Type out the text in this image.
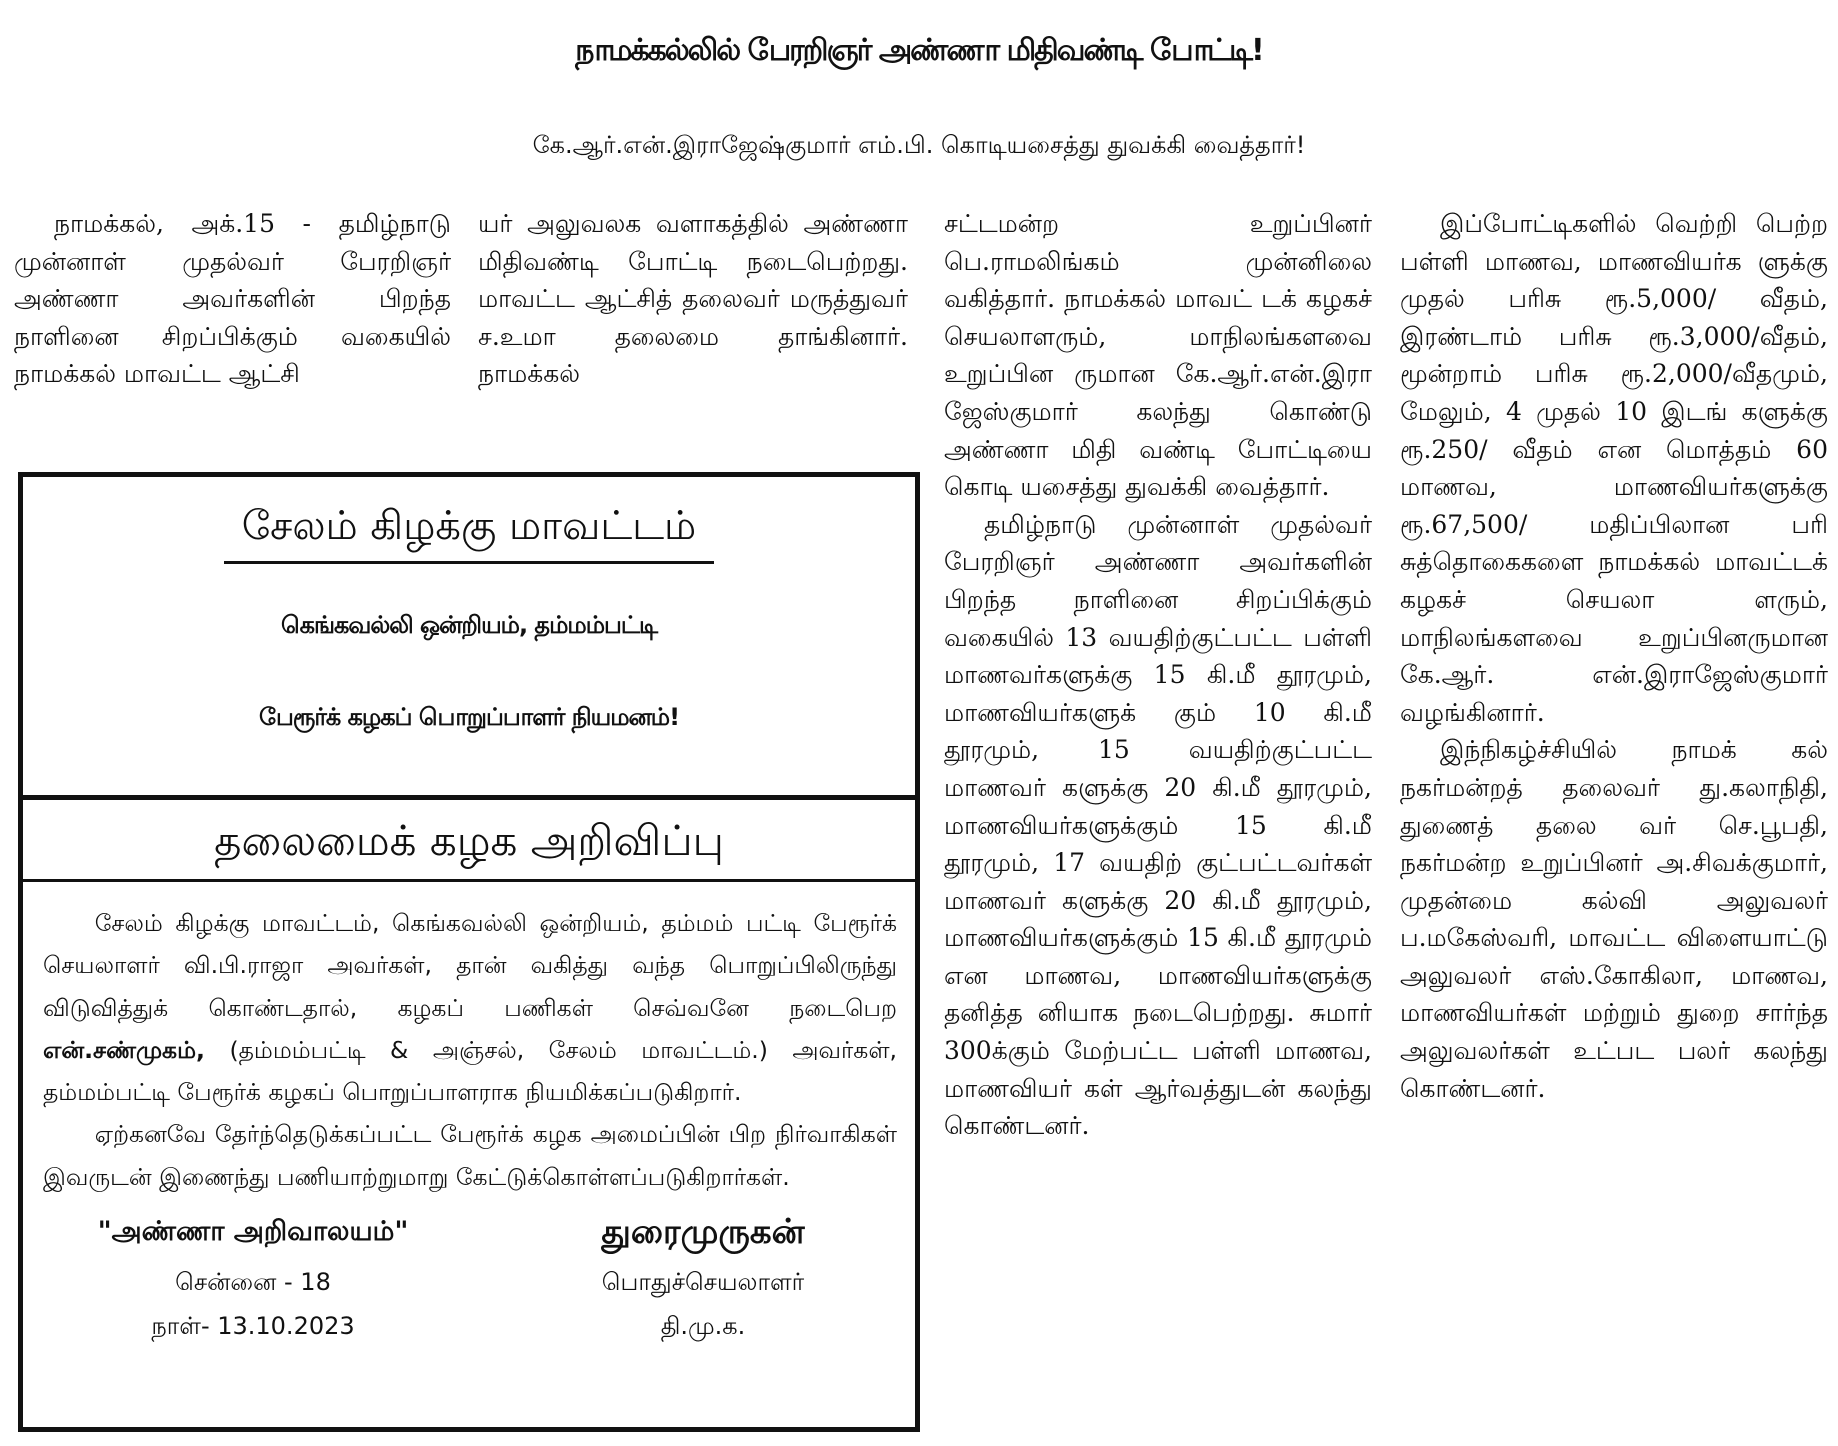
நாமக்கல்லில் பேரறிஞர் அண்ணா மிதிவண்டி போட்டி!
கே.ஆர்.என்.இராஜேஷ்குமார் எம்.பி. கொடியசைத்து துவக்கி வைத்தார்!

நாமக்கல், அக்.15 - தமிழ்நாடு முன்னாள் முதல்வர் பேரறிஞர் அண்ணா அவர்களின் பிறந்த நாளினை சிறப்பிக்கும் வகையில் நாமக்கல் மாவட்ட ஆட்சி

யர் அலுவலக வளாகத்தில் அண்ணா மிதிவண்டி போட்டி நடைபெற்றது. மாவட்ட ஆட்சித் தலைவர் மருத்துவர் ச.உமா தலைமை தாங்கினார். நாமக்கல்

சட்டமன்ற உறுப்பினர் பெ.ராமலிங்கம் முன்னிலை வகித்தார். நாமக்கல் மாவட் டக் கழகச் செயலாளரும், மாநிலங்களவை உறுப்பின ருமான கே.ஆர்.என்.இரா ஜேஸ்குமார் கலந்து கொண்டு அண்ணா மிதி வண்டி போட்டியை கொடி யசைத்து துவக்கி வைத்தார்.

தமிழ்நாடு முன்னாள் முதல்வர் பேரறிஞர் அண்ணா அவர்களின் பிறந்த நாளினை சிறப்பிக்கும் வகையில் 13 வயதிற்குட்பட்ட பள்ளி மாணவர்களுக்கு 15 கி.மீ தூரமும், மாணவியர்களுக் கும் 10 கி.மீ தூரமும், 15 வயதிற்குட்பட்ட மாணவர் களுக்கு 20 கி.மீ தூரமும், மாணவியர்களுக்கும் 15 கி.மீ தூரமும், 17 வயதிற் குட்பட்டவர்கள் மாணவர் களுக்கு 20 கி.மீ தூரமும், மாணவியர்களுக்கும் 15 கி.மீ தூரமும் என மாணவ, மாணவியர்களுக்கு தனித்த னியாக நடைபெற்றது. சுமார் 300க்கும் மேற்பட்ட பள்ளி மாணவ, மாணவியர் கள் ஆர்வத்துடன் கலந்து கொண்டனர்.

இப்போட்டிகளில் வெற்றி பெற்ற பள்ளி மாணவ, மாணவியர்க ளுக்கு முதல் பரிசு ரூ.5,000/ வீதம், இரண்டாம் பரிசு ரூ.3,000/வீதம், மூன்றாம் பரிசு ரூ.2,000/வீதமும், மேலும், 4 முதல் 10 இடங் களுக்கு ரூ.250/ வீதம் என மொத்தம் 60 மாணவ, மாணவியர்களுக்கு ரூ.67,500/ மதிப்பிலான பரி சுத்தொகைகளை நாமக்கல் மாவட்டக் கழகச் செயலா ளரும், மாநிலங்களவை உறுப்பினருமான கே.ஆர். என்.இராஜேஸ்குமார் வழங்கினார்.

இந்நிகழ்ச்சியில் நாமக் கல் நகர்மன்றத் தலைவர் து.கலாநிதி, துணைத் தலை வர் செ.பூபதி, நகர்மன்ற உறுப்பினர் அ.சிவக்குமார், முதன்மை கல்வி அலுவலர் ப.மகேஸ்வரி, மாவட்ட விளையாட்டு அலுவலர் எஸ்.கோகிலா, மாணவ, மாணவியர்கள் மற்றும் துறை சார்ந்த அலுவலர்கள் உட்பட பலர் கலந்து கொண்டனர்.

சேலம் கிழக்கு மாவட்டம்
கெங்கவல்லி ஒன்றியம், தம்மம்பட்டி
பேரூர்க் கழகப் பொறுப்பாளர் நியமனம்!
தலைமைக் கழக அறிவிப்பு

சேலம் கிழக்கு மாவட்டம், கெங்கவல்லி ஒன்றியம், தம்மம் பட்டி பேரூர்க் செயலாளர் வி.பி.ராஜா அவர்கள், தான் வகித்து வந்த பொறுப்பிலிருந்து விடுவித்துக் கொண்டதால், கழகப் பணிகள் செவ்வனே நடைபெற என்.சண்முகம், (தம்மம்பட்டி & அஞ்சல், சேலம் மாவட்டம்.) அவர்கள், தம்மம்பட்டி பேரூர்க் கழகப் பொறுப்பாளராக நியமிக்கப்படுகிறார்.

ஏற்கனவே தேர்ந்தெடுக்கப்பட்ட பேரூர்க் கழக அமைப்பின் பிற நிர்வாகிகள் இவருடன் இணைந்து பணியாற்றுமாறு கேட்டுக்கொள்ளப்படுகிறார்கள்.

"அண்ணா அறிவாலயம்"
சென்னை - 18
நாள்- 13.10.2023
துரைமுருகன்
பொதுச்செயலாளர்
தி.மு.க.
